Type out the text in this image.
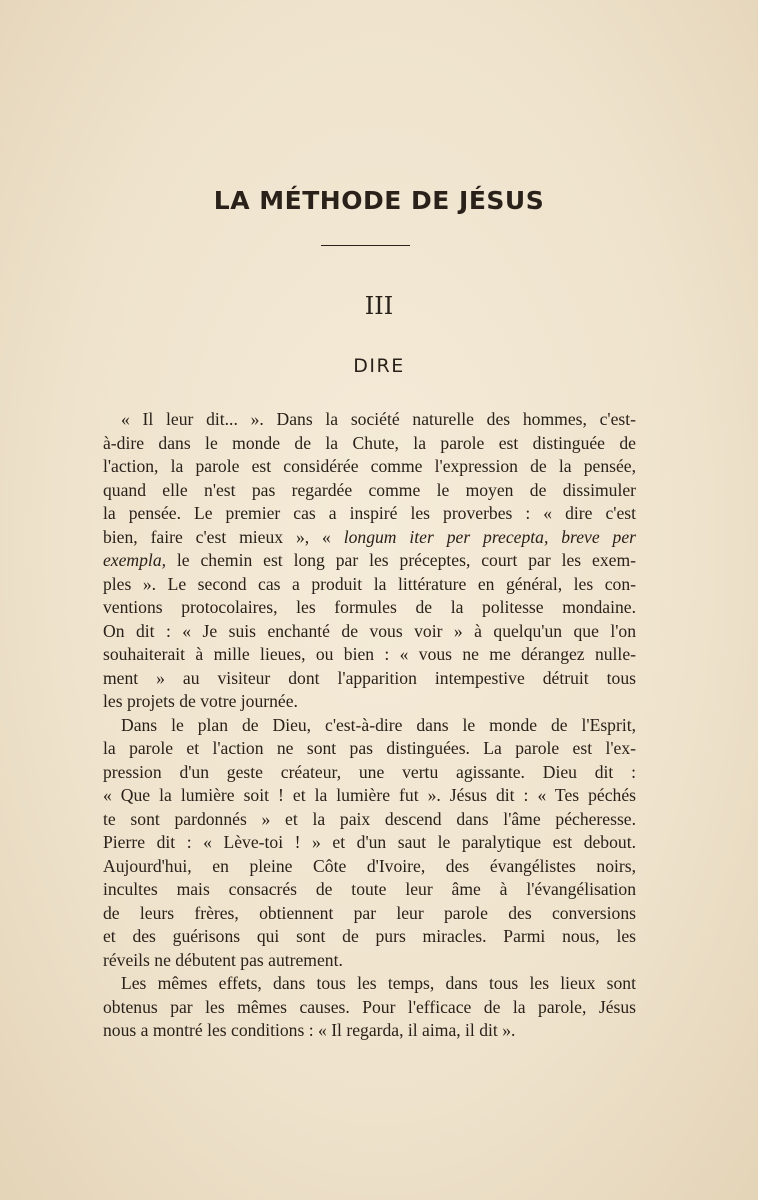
LA MÉTHODE DE JÉSUS
III
DIRE
« Il leur dit... ». Dans la société naturelle des hommes, c'est-
à-dire dans le monde de la Chute, la parole est distinguée de
l'action, la parole est considérée comme l'expression de la pensée,
quand elle n'est pas regardée comme le moyen de dissimuler
la pensée. Le premier cas a inspiré les proverbes : « dire c'est
bien, faire c'est mieux », « longum iter per precepta, breve per
exempla, le chemin est long par les préceptes, court par les exem-
ples ». Le second cas a produit la littérature en général, les con-
ventions protocolaires, les formules de la politesse mondaine.
On dit : « Je suis enchanté de vous voir » à quelqu'un que l'on
souhaiterait à mille lieues, ou bien : « vous ne me dérangez nulle-
ment » au visiteur dont l'apparition intempestive détruit tous
les projets de votre journée.
Dans le plan de Dieu, c'est-à-dire dans le monde de l'Esprit,
la parole et l'action ne sont pas distinguées. La parole est l'ex-
pression d'un geste créateur, une vertu agissante. Dieu dit :
« Que la lumière soit ! et la lumière fut ». Jésus dit : « Tes péchés
te sont pardonnés » et la paix descend dans l'âme pécheresse.
Pierre dit : « Lève-toi ! » et d'un saut le paralytique est debout.
Aujourd'hui, en pleine Côte d'Ivoire, des évangélistes noirs,
incultes mais consacrés de toute leur âme à l'évangélisation
de leurs frères, obtiennent par leur parole des conversions
et des guérisons qui sont de purs miracles. Parmi nous, les
réveils ne débutent pas autrement.
Les mêmes effets, dans tous les temps, dans tous les lieux sont
obtenus par les mêmes causes. Pour l'efficace de la parole, Jésus
nous a montré les conditions : « Il regarda, il aima, il dit ».
